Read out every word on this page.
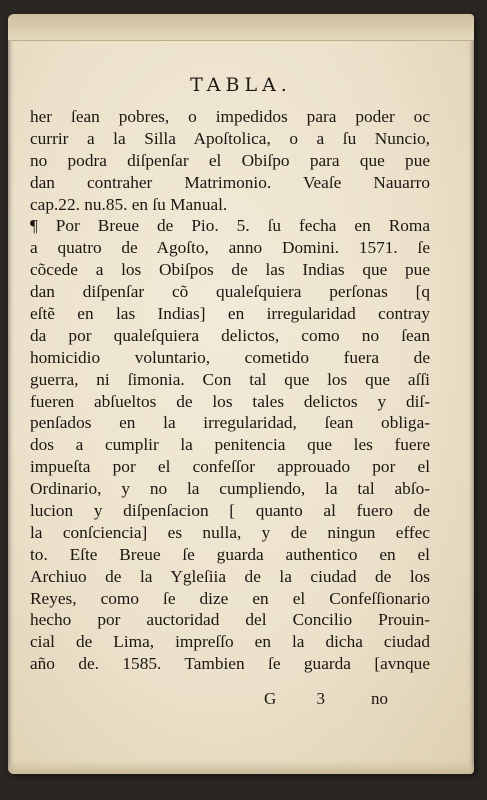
TABLA.
her ſean pobres, o impedidos para poder oc
currir a la Silla Apoſtolica, o a ſu Nuncio,
no podra diſpenſar el Obiſpo para que pue
dan contraher Matrimonio. Veaſe Nauarro
cap.22. nu.85. en ſu Manual.
¶ Por Breue de Pio. 5. ſu fecha en Roma
a quatro de Agoſto, anno Domini. 1571. ſe
cõcede a los Obiſpos de las Indias que pue
dan diſpenſar cõ qualeſquiera perſonas [q
eſtẽ en las Indias] en irregularidad contray
da por qualeſquiera delictos, como no ſean
homicidio voluntario, cometido fuera de
guerra, ni ſimonia. Con tal que los que aſſi
fueren abſueltos de los tales delictos y diſ-
penſados en la irregularidad, ſean obliga-
dos a cumplir la penitencia que les fuere
impueſta por el confeſſor approuado por el
Ordinario, y no la cumpliendo, la tal abſo-
lucion y diſpenſacion [ quanto al fuero de
la conſciencia] es nulla, y de ningun effec
to. Eſte Breue ſe guarda authentico en el
Archiuo de la Ygleſiia de la ciudad de los
Reyes, como ſe dize en el Confeſſionario
hecho por auctoridad del Concilio Prouin-
cial de Lima, impreſſo en la dicha ciudad
año de. 1585. Tambien ſe guarda [avnque
G 3 no
